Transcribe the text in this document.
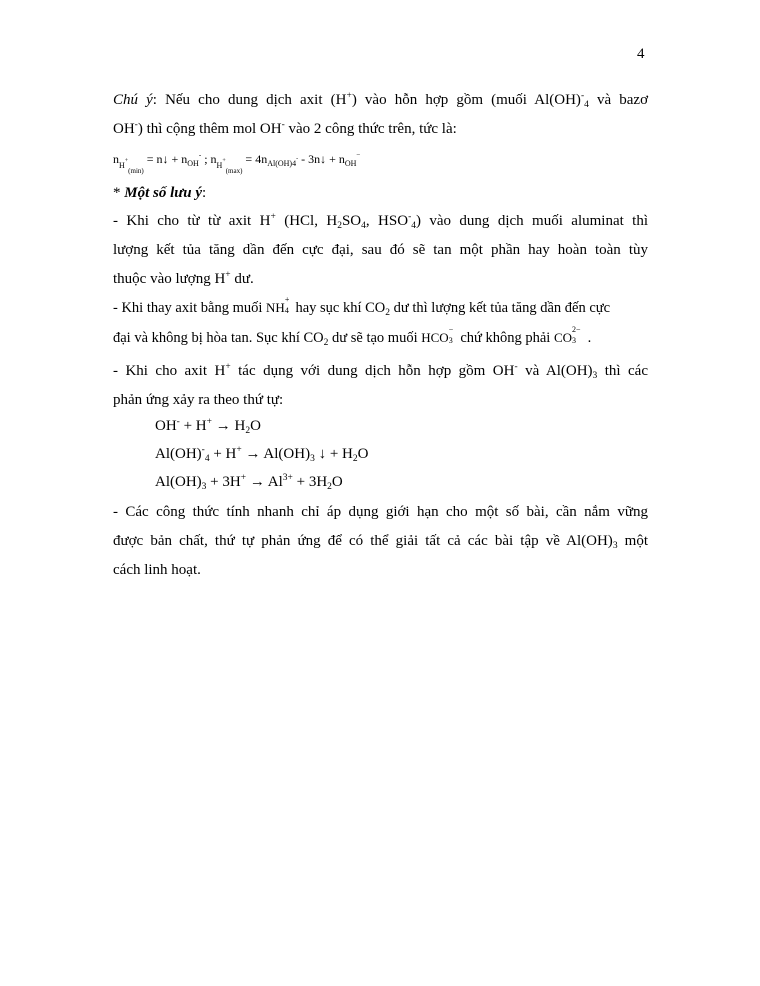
4
Chú ý: Nếu cho dung dịch axit (H+) vào hỗn hợp gồm (muối $Al(OH)^-_4$ và bazơ
OH-) thì cộng thêm mol OH- vào 2 công thức trên, tức là:
nH+(min) = n↓ + $n_{OH}^-$ ; $nH^+(\max) = 4n_{Al(OH)4^-}$ - 3n↓ + $n_{OH}^-$
* Một số lưu ý:
- Khi cho từ từ axit H+ (HCl, $H_2SO_4$, $HSO^-_4$) vào dung dịch muối aluminat thì
lượng kết tủa tăng dần đến cực đại, sau đó sẽ tan một phần hay hoàn toàn tùy
thuộc vào lượng H+ dư.
- Khi thay axit bằng muối NH
+
4 hay sục khí $CO_2$ dư thì lượng kết tủa tăng dần đến cực
đại và không bị hòa tan. Sục khí $CO_2$ dư sẽ tạo muối HCO
−
3 chứ không phải CO
2−
3 .
- Khi cho axit H+ tác dụng với dung dịch hỗn hợp gồm OH- và $Al(OH)_3$ thì các
phản ứng xảy ra theo thứ tự:
$OH^- + H^+ \to H_2O$
$Al(OH)^-_4 + H^+ \to Al(OH)_3$ ↓ + $H_2O$
$Al(OH)_3 + 3H^+ \to Al^{3+} + 3H_2O$
- Các công thức tính nhanh chỉ áp dụng giới hạn cho một số bài, cần nắm vững
được bản chất, thứ tự phản ứng để có thể giải tất cả các bài tập về $Al(OH)_3$ một
cách linh hoạt.
